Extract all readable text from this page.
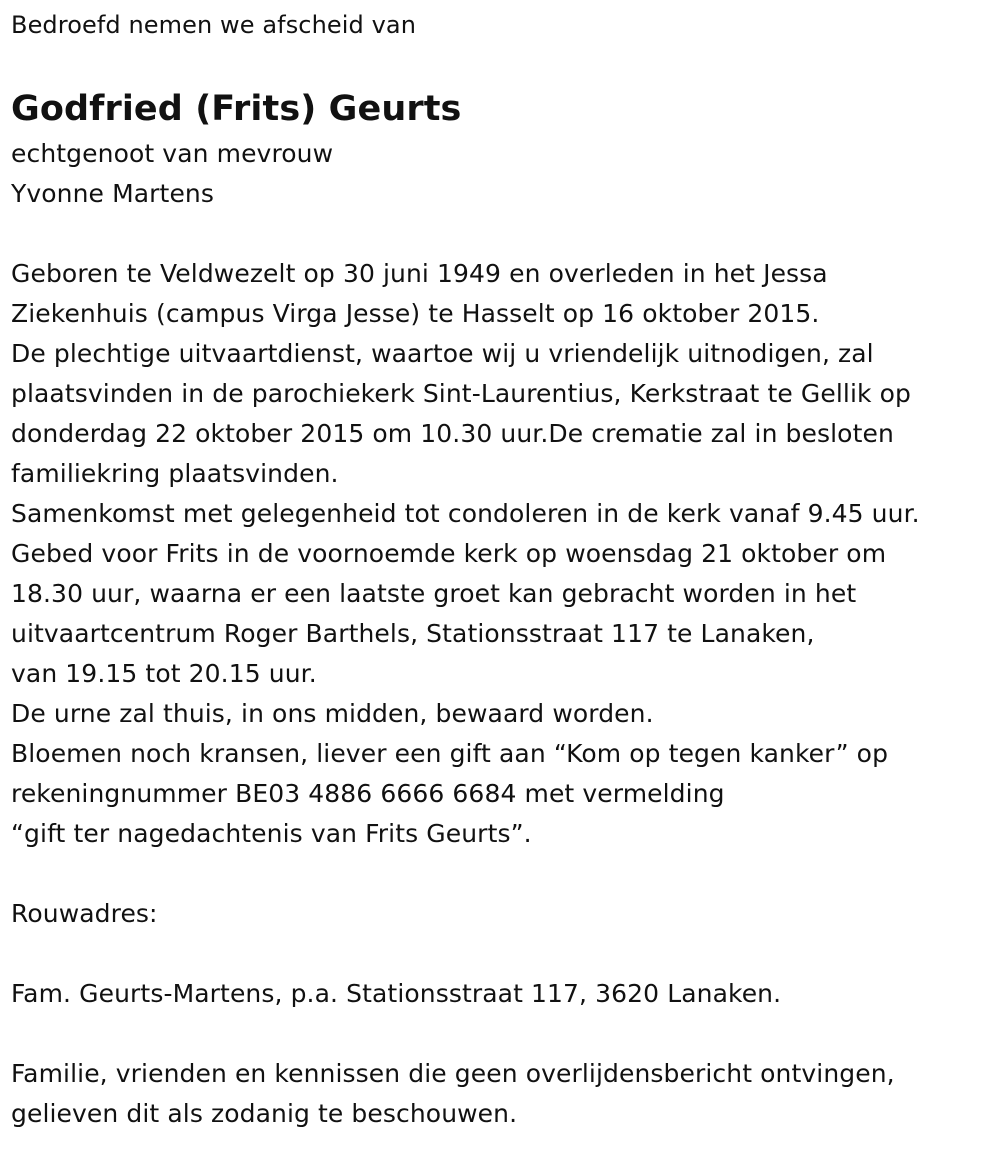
Bedroefd nemen we afscheid van
Godfried (Frits) Geurts
echtgenoot van mevrouw
Yvonne Martens
Geboren te Veldwezelt op 30 juni 1949 en overleden in het Jessa
Ziekenhuis (campus Virga Jesse) te Hasselt op 16 oktober 2015.
De plechtige uitvaartdienst, waartoe wij u vriendelijk uitnodigen, zal
plaatsvinden in de parochiekerk Sint-Laurentius, Kerkstraat te Gellik op
donderdag 22 oktober 2015 om 10.30 uur.De crematie zal in besloten
familiekring plaatsvinden.
Samenkomst met gelegenheid tot condoleren in de kerk vanaf 9.45 uur.
Gebed voor Frits in de voornoemde kerk op woensdag 21 oktober om
18.30 uur, waarna er een laatste groet kan gebracht worden in het
uitvaartcentrum Roger Barthels, Stationsstraat 117 te Lanaken,
van 19.15 tot 20.15 uur.
De urne zal thuis, in ons midden, bewaard worden.
Bloemen noch kransen, liever een gift aan “Kom op tegen kanker” op
rekeningnummer BE03 4886 6666 6684 met vermelding
“gift ter nagedachtenis van Frits Geurts”.
Rouwadres:
Fam. Geurts-Martens, p.a. Stationsstraat 117, 3620 Lanaken.
Familie, vrienden en kennissen die geen overlijdensbericht ontvingen,
gelieven dit als zodanig te beschouwen.
